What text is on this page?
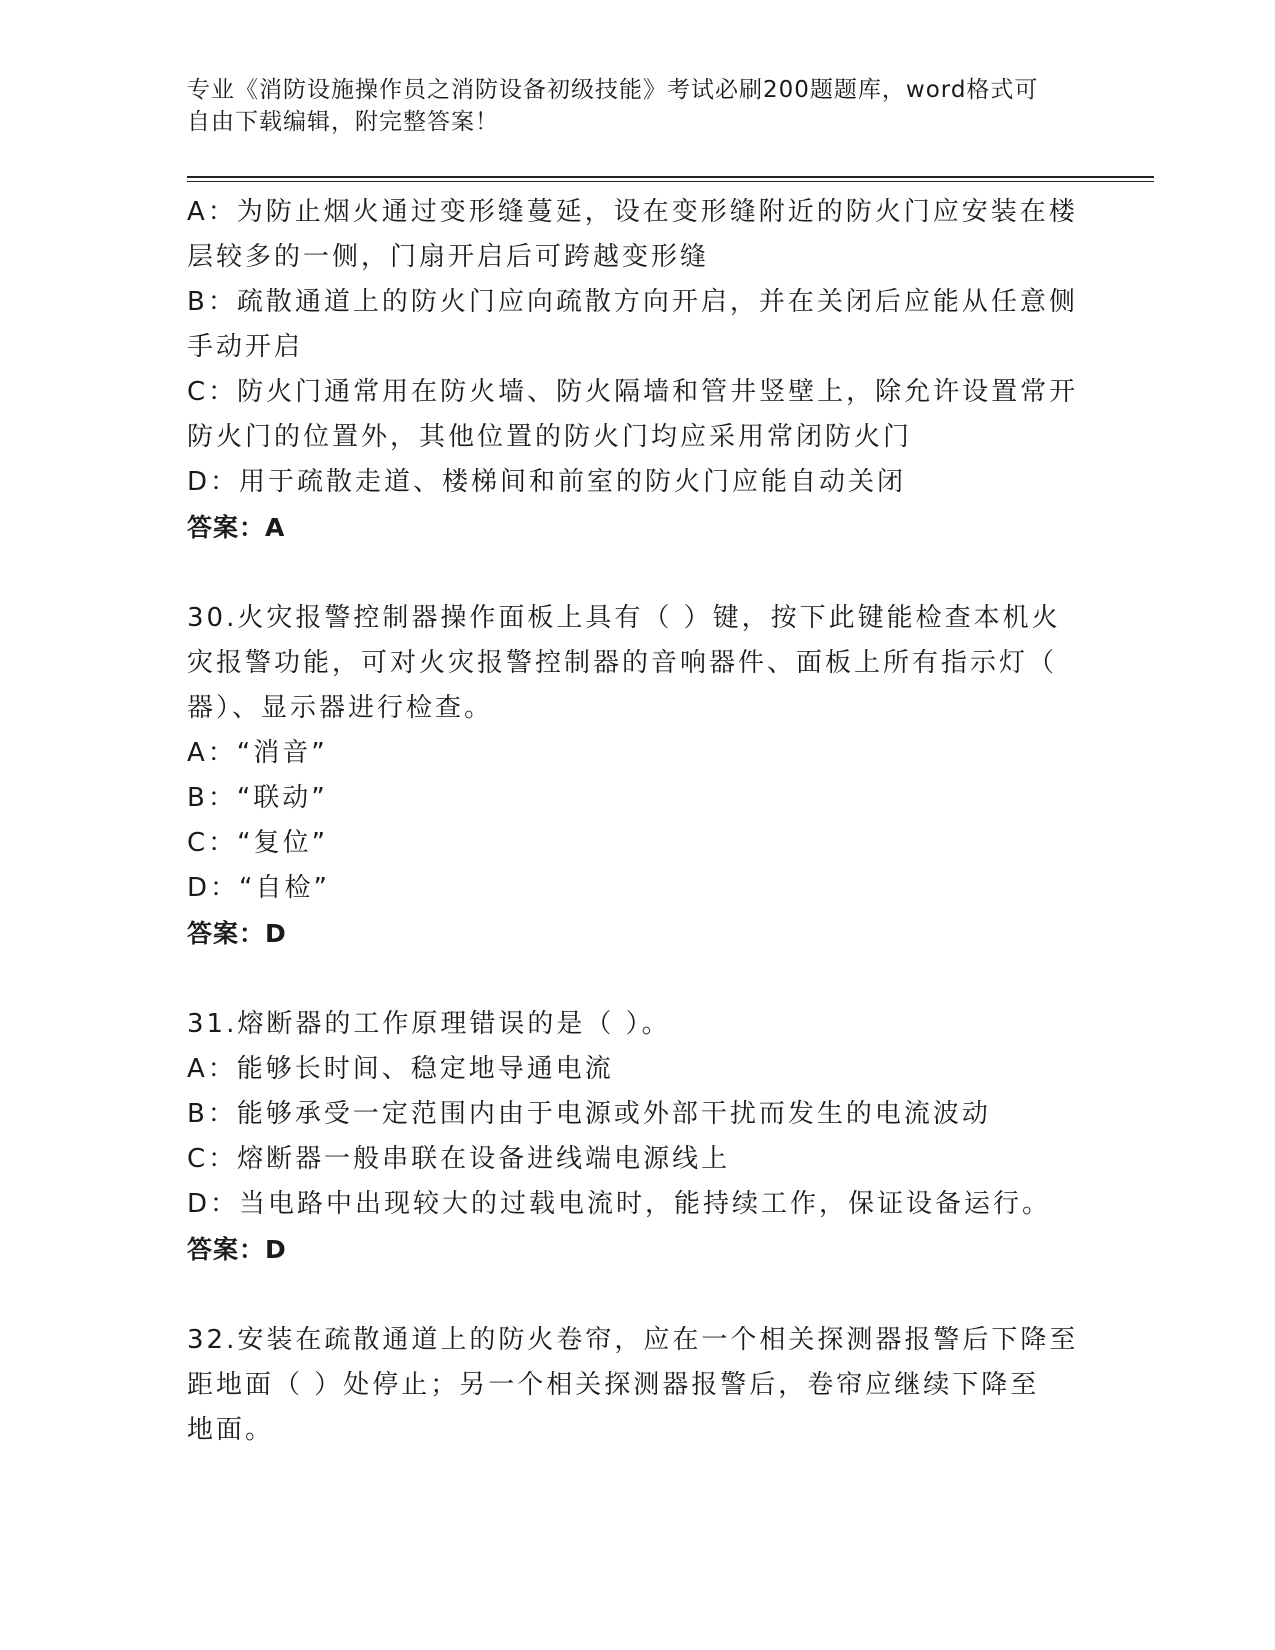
专业《消防设施操作员之消防设备初级技能》考试必刷200题题库，word格式可
自由下载编辑，附完整答案！
A：为防止烟火通过变形缝蔓延，设在变形缝附近的防火门应安装在楼
层较多的一侧，门扇开启后可跨越变形缝
B：疏散通道上的防火门应向疏散方向开启，并在关闭后应能从任意侧
手动开启
C：防火门通常用在防火墙、防火隔墙和管井竖壁上，除允许设置常开
防火门的位置外，其他位置的防火门均应采用常闭防火门
D：用于疏散走道、楼梯间和前室的防火门应能自动关闭
答案：A
30.火灾报警控制器操作面板上具有（ ）键，按下此键能检查本机火
灾报警功能，可对火灾报警控制器的音响器件、面板上所有指示灯（
器）、显示器进行检查。
A：“消音”
B：“联动”
C：“复位”
D：“自检”
答案：D
31.熔断器的工作原理错误的是（ ）。
A：能够长时间、稳定地导通电流
B：能够承受一定范围内由于电源或外部干扰而发生的电流波动
C：熔断器一般串联在设备进线端电源线上
D：当电路中出现较大的过载电流时，能持续工作，保证设备运行。
答案：D
32.安装在疏散通道上的防火卷帘，应在一个相关探测器报警后下降至
距地面（ ）处停止；另一个相关探测器报警后，卷帘应继续下降至
地面。
